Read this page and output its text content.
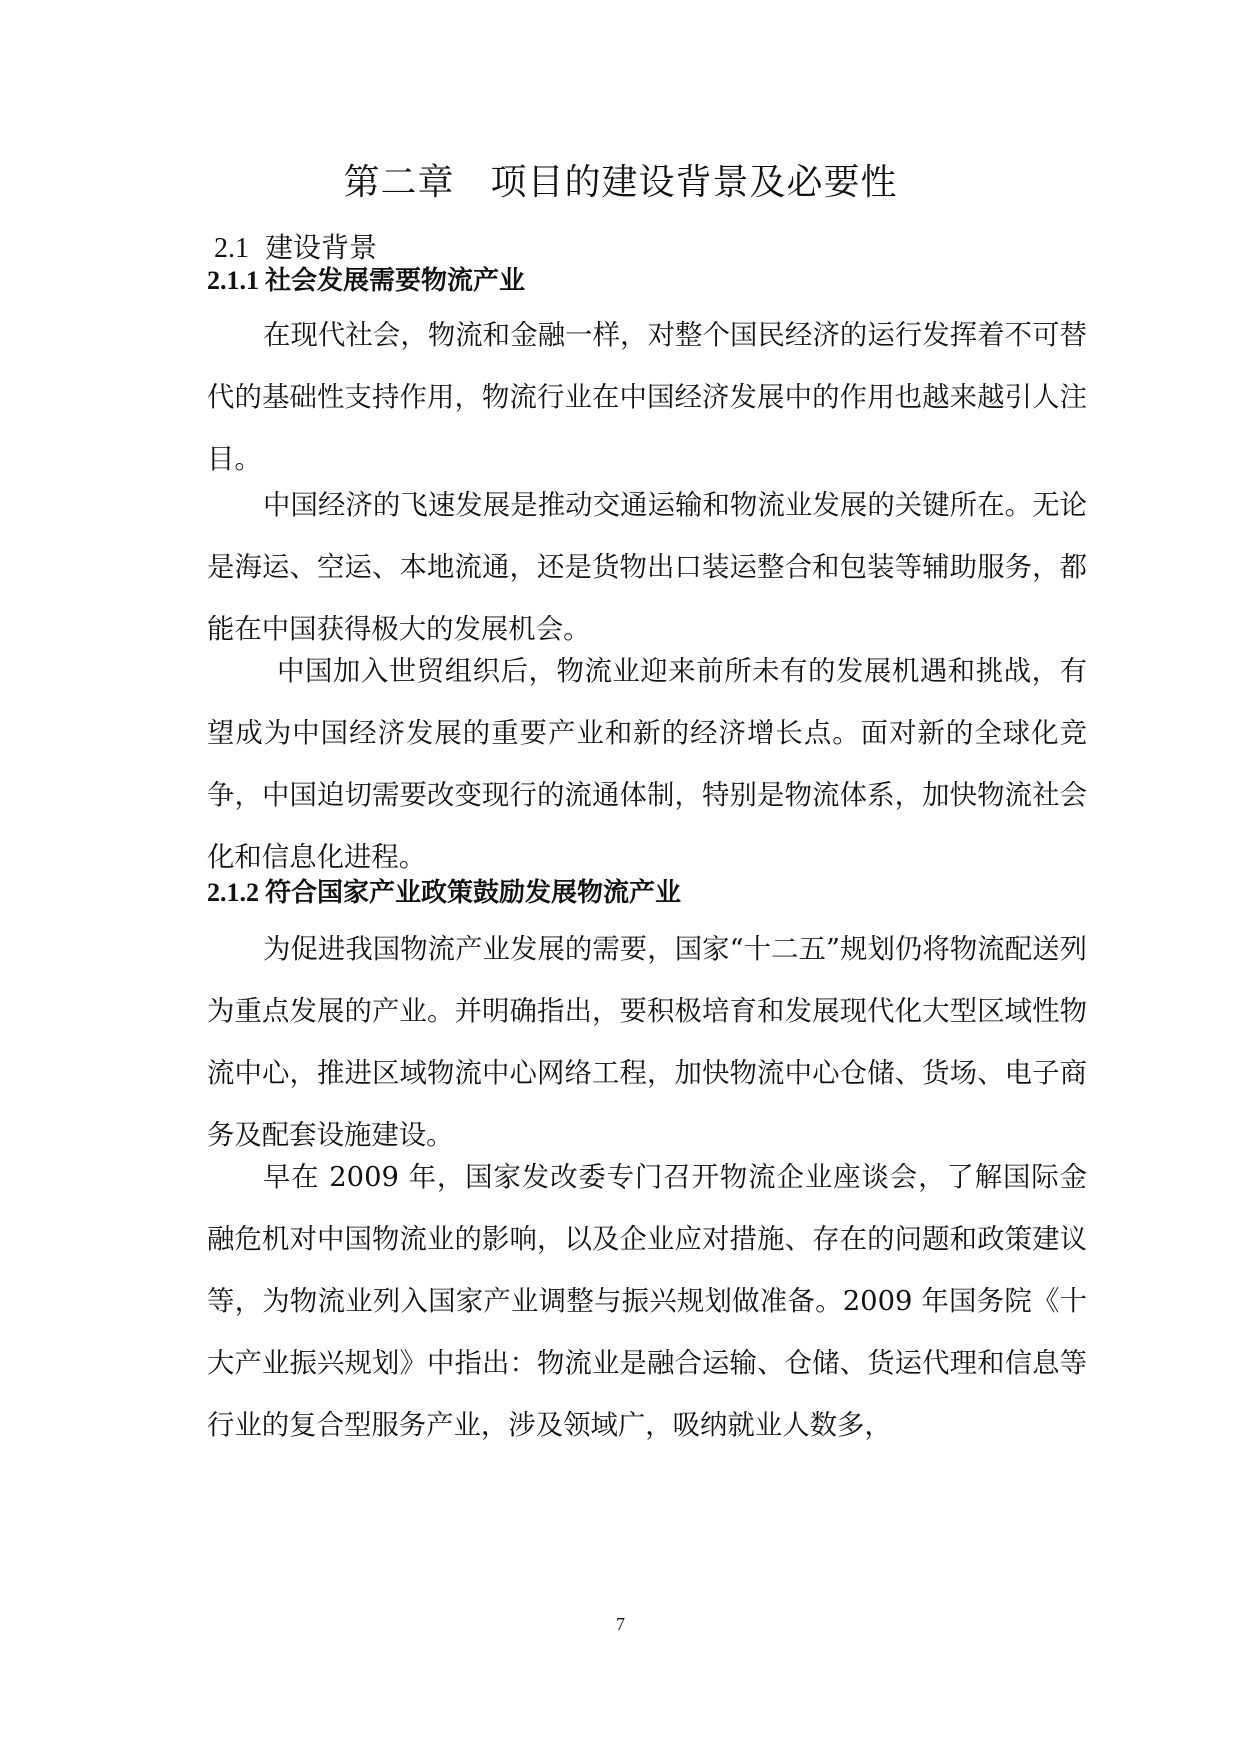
第二章 项目的建设背景及必要性
2.1 建设背景
2.1.1 社会发展需要物流产业

在现代社会，物流和金融一样，对整个国民经济的运行发挥着不可替代的基础性支持作用，物流行业在中国经济发展中的作用也越来越引人注目。

中国经济的飞速发展是推动交通运输和物流业发展的关键所在。无论是海运、空运、本地流通，还是货物出口装运整合和包装等辅助服务，都能在中国获得极大的发展机会。

中国加入世贸组织后，物流业迎来前所未有的发展机遇和挑战，有望成为中国经济发展的重要产业和新的经济增长点。面对新的全球化竞争，中国迫切需要改变现行的流通体制，特别是物流体系，加快物流社会化和信息化进程。

2.1.2 符合国家产业政策鼓励发展物流产业

为促进我国物流产业发展的需要，国家“十二五”规划仍将物流配送列为重点发展的产业。并明确指出，要积极培育和发展现代化大型区域性物流中心，推进区域物流中心网络工程，加快物流中心仓储、货场、电子商务及配套设施建设。

早在 2009 年，国家发改委专门召开物流企业座谈会，了解国际金融危机对中国物流业的影响，以及企业应对措施、存在的问题和政策建议等，为物流业列入国家产业调整与振兴规划做准备。2009 年国务院《十大产业振兴规划》中指出：物流业是融合运输、仓储、货运代理和信息等行业的复合型服务产业，涉及领域广，吸纳就业人数多，

7
